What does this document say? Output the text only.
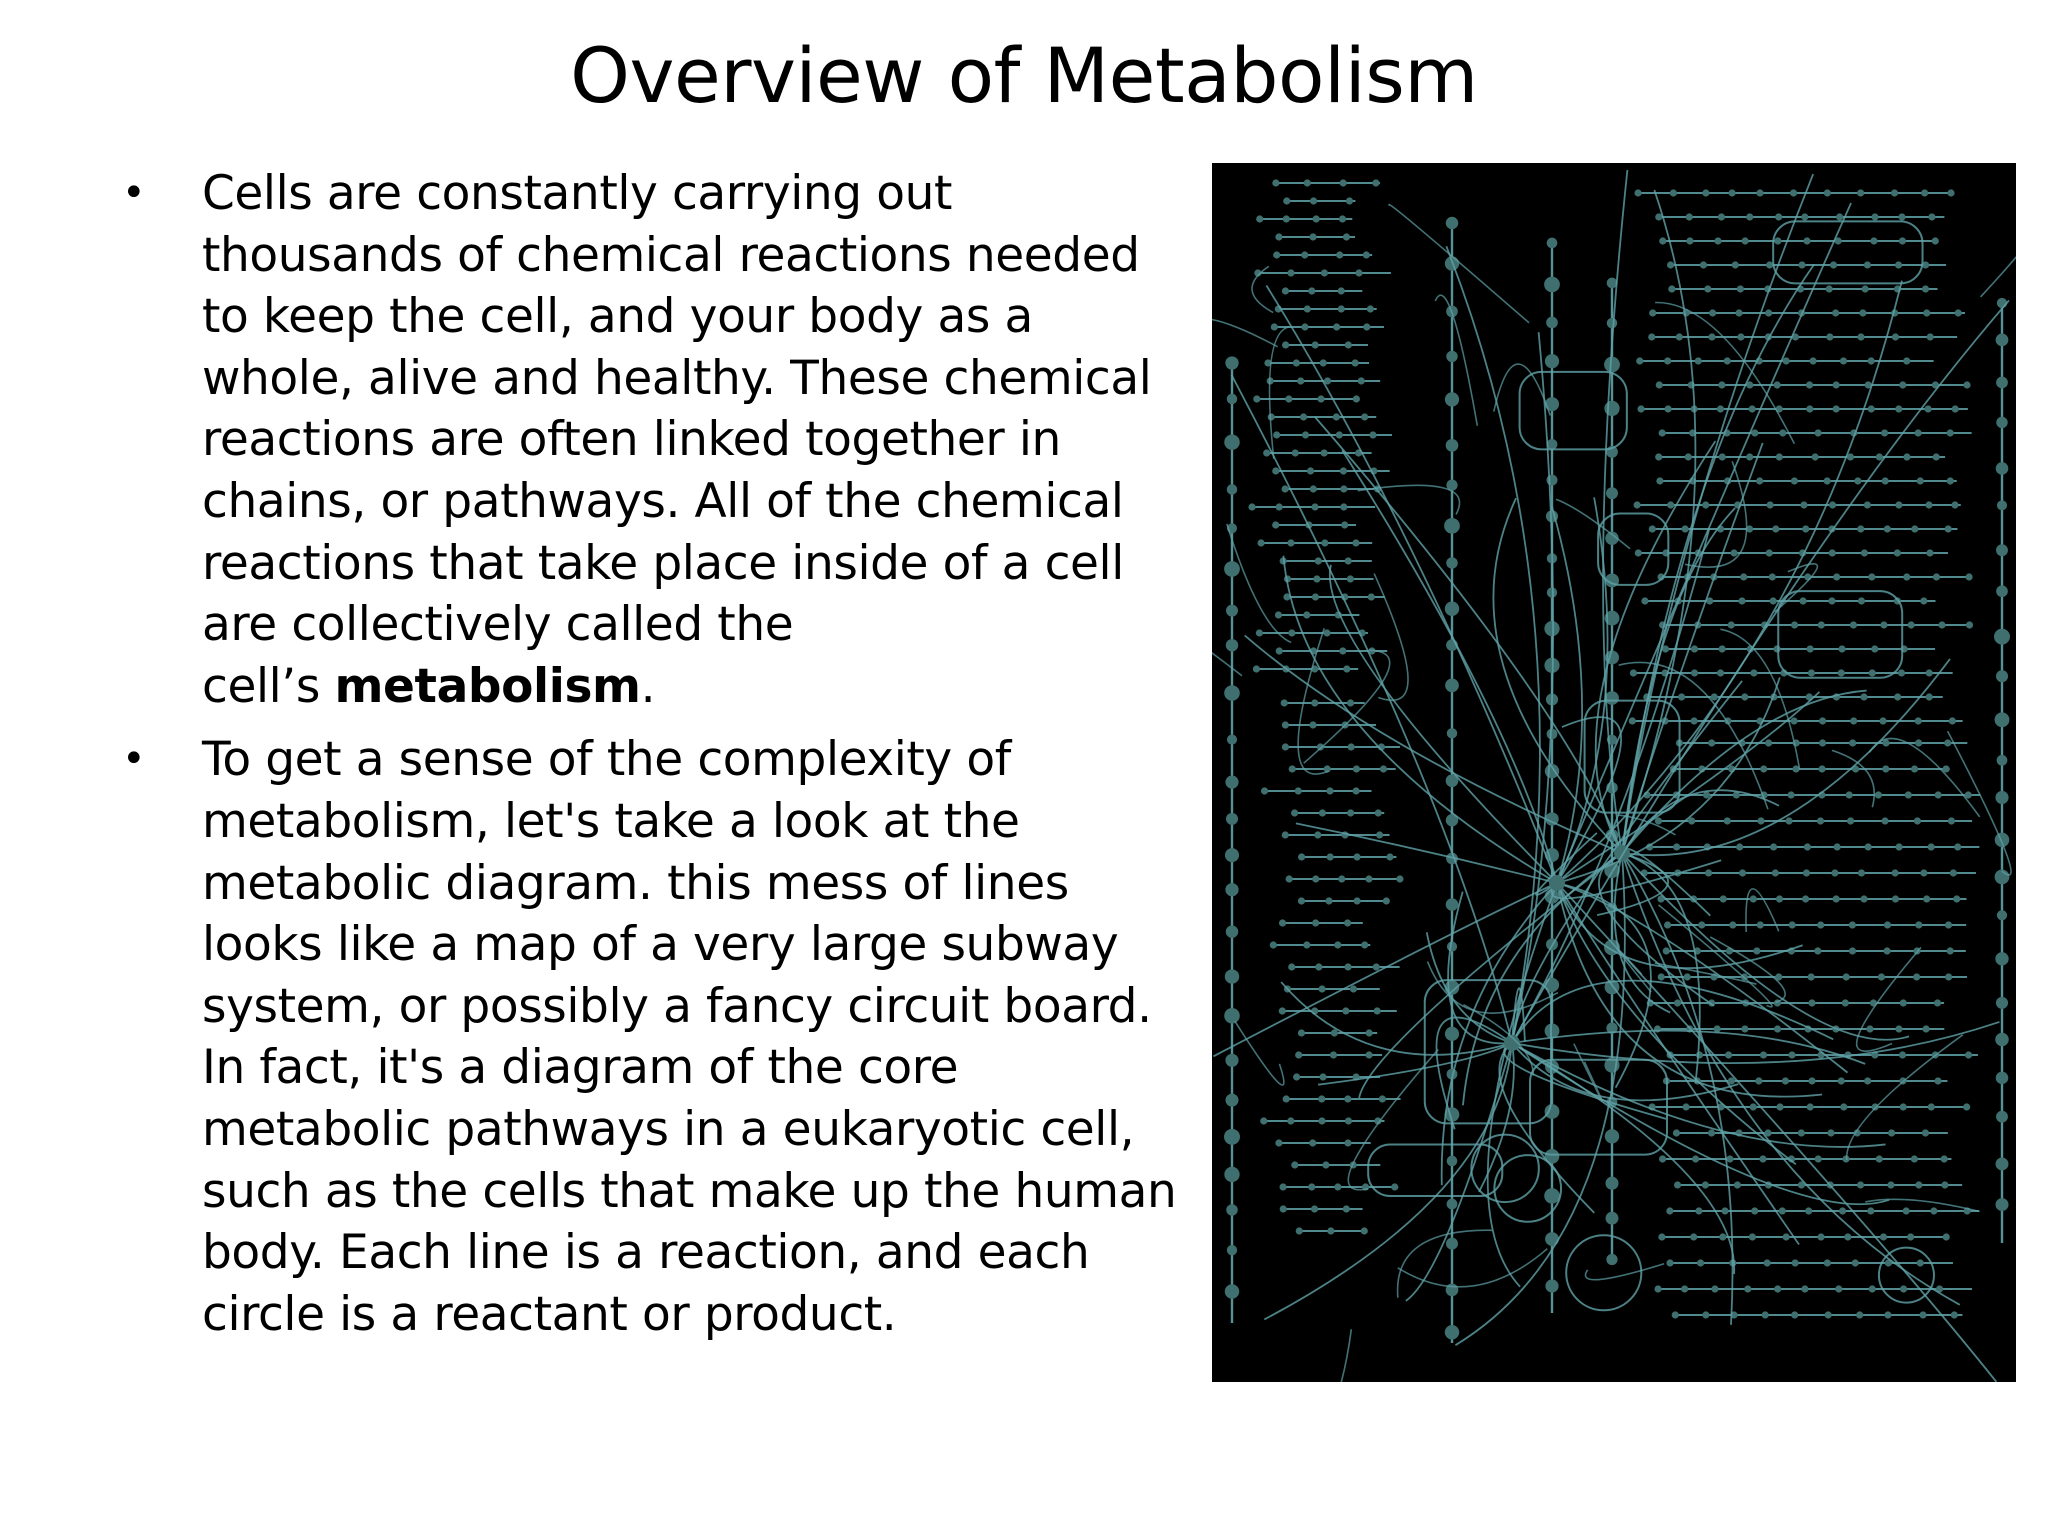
Overview of Metabolism
• Cells are constantly carrying out
thousands of chemical reactions needed
to keep the cell, and your body as a
whole, alive and healthy. These chemical
reactions are often linked together in
chains, or pathways. All of the chemical
reactions that take place inside of a cell
are collectively called the
cell’s metabolism.
• To get a sense of the complexity of
metabolism, let's take a look at the
metabolic diagram. this mess of lines
looks like a map of a very large subway
system, or possibly a fancy circuit board.
In fact, it's a diagram of the core
metabolic pathways in a eukaryotic cell,
such as the cells that make up the human
body. Each line is a reaction, and each
circle is a reactant or product.
